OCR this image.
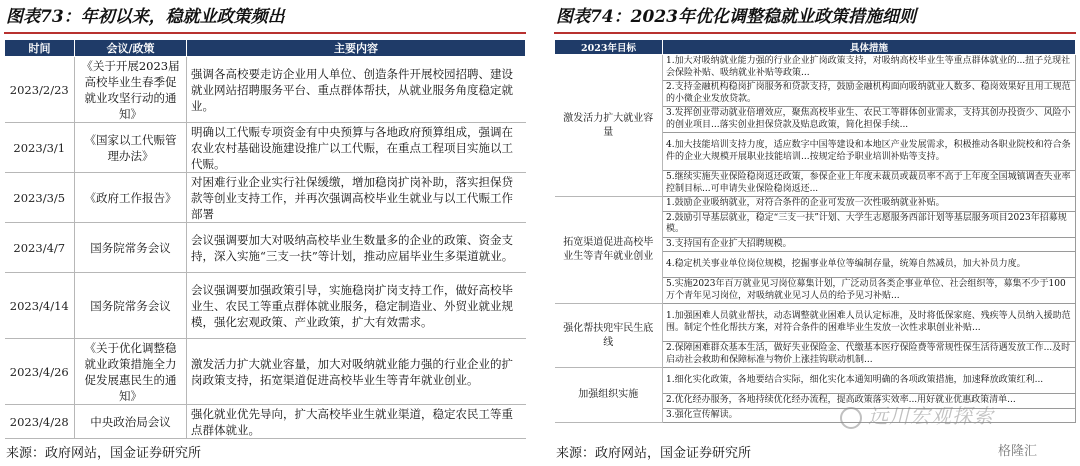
图表73：年初以来，稳就业政策频出
时间	会议/政策	主要内容
2023/2/23	《关于开展2023届高校毕业生春季促就业攻坚行动的通知》	强调各高校要走访企业用人单位、创造条件开展校园招聘、建设就业网站招聘服务平台、重点群体帮扶，从就业服务角度稳定就业。
2023/3/1	《国家以工代赈管理办法》	明确以工代赈专项资金有中央预算与各地政府预算组成，强调在农业农村基础设施建设推广以工代赈，在重点工程项目实施以工代赈。
2023/3/5	《政府工作报告》	对困难行业企业实行社保缓缴，增加稳岗扩岗补助，落实担保贷款等创业支持工作，并再次强调高校毕业生就业与以工代赈工作部署
2023/4/7	国务院常务会议	会议强调要加大对吸纳高校毕业生数量多的企业的政策、资金支持，深入实施“三支一扶”等计划，推动应届毕业生多渠道就业。
2023/4/14	国务院常务会议	会议强调要加强政策引导，实施稳岗扩岗支持工作，做好高校毕业生、农民工等重点群体就业服务，稳定制造业、外贸业就业规模，强化宏观政策、产业政策，扩大有效需求。
2023/4/26	《关于优化调整稳就业政策措施全力促发展惠民生的通知》	激发活力扩大就业容量，加大对吸纳就业能力强的行业企业的扩岗政策支持，拓宽渠道促进高校毕业生等青年就业创业。
2023/4/28	中央政治局会议	强化就业优先导向，扩大高校毕业生就业渠道，稳定农民工等重点群体就业。
来源：政府网站，国金证券研究所
图表74：2023年优化调整稳就业政策措施细则
2023年目标	具体措施
激发活力扩大就业容量	1.加大对吸纳就业能力强的行业企业扩岗政策支持，对吸纳高校毕业生等重点群体就业的...扭子兑现社会保险补贴、吸纳就业补贴等政策...
	2.支持金融机构稳岗扩岗服务和贷款支持，鼓励金融机构面向吸纳就业人数多、稳岗效果好且用工规范的小微企业发放贷款。
	3.发挥创业带动就业倍增效应，聚焦高校毕业生、农民工等群体创业需求，支持其创办投资少、风险小的创业项目...落实创业担保贷款及贴息政策，简化担保手续...
	4.加大技能培训支持力度，适应数字中国等建设和本地区产业发展需求，积极推动各职业院校和符合条件的企业大规模开展职业技能培训...按规定给予职业培训补贴等支持。
	5.继续实施失业保险稳岗返还政策，参保企业上年度未裁员或裁员率不高于上年度全国城镇调查失业率控制目标...可申请失业保险稳岗返还...
拓宽渠道促进高校毕业生等青年就业创业	1.鼓励企业吸纳就业，对符合条件的企业可发放一次性吸纳就业补贴。
	2.鼓励引导基层就业，稳定“三支一扶”计划、大学生志愿服务西部计划等基层服务项目2023年招募规模。
	3.支持国有企业扩大招聘规模。
	4.稳定机关事业单位岗位规模，挖掘事业单位等编制存量，统筹自然减员，加大补员力度。
	5.实施2023年百万就业见习岗位募集计划，广泛动员各类企事业单位、社会组织等，募集不少于100万个青年见习岗位，对吸纳就业见习人员的给予见习补贴...
强化帮扶兜牢民生底线	1.加强困难人员就业帮扶，动态调整就业困难人员认定标准，及时将低保家庭、残疾等人员纳入援助范围。制定个性化帮扶方案，对符合条件的困难毕业生发放一次性求职创业补贴...
	2.保障困难群众基本生活，做好失业保险金、代缴基本医疗保险费等常规性保生活待遇发放工作...及时启动社会救助和保障标准与物价上涨挂钩联动机制...
加强组织实施	1.细化实化政策，各地要结合实际，细化实化本通知明确的各项政策措施，加速释放政策红利...
	2.优化经办服务，各地持续优化经办流程，提高政策落实效率...用好就业优惠政策清单...
	3.强化宣传解读。
来源：政府网站，国金证券研究所
远川宏观探索
格隆汇
